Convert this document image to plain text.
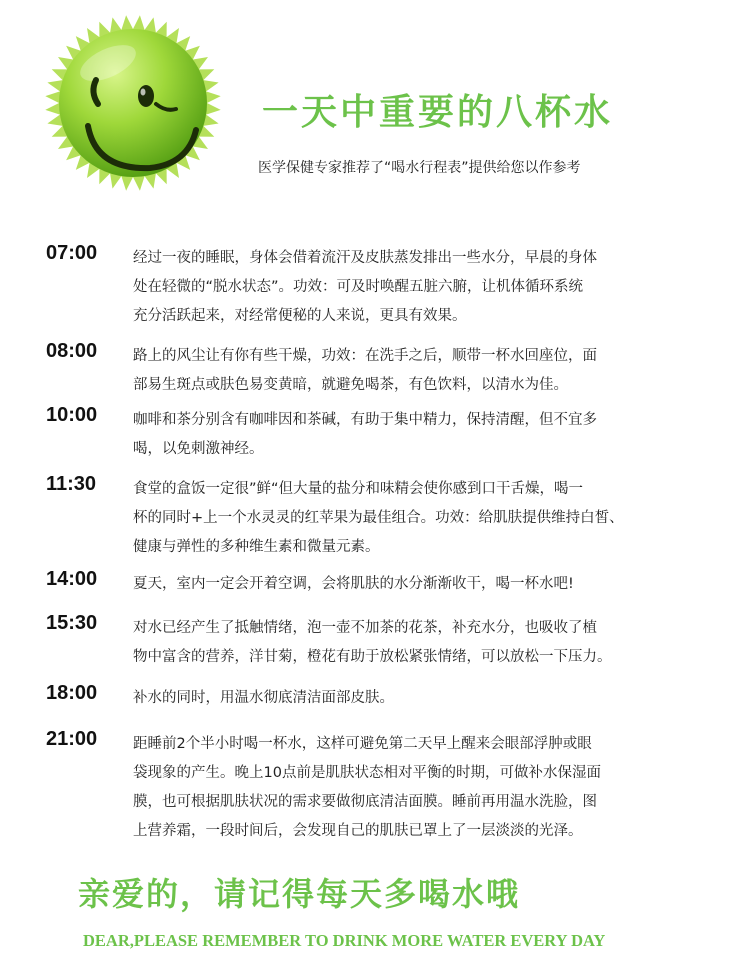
一天中重要的八杯水
医学保健专家推荐了“喝水行程表”提供给您以作参考
07:00 经过一夜的睡眠，身体会借着流汗及皮肤蒸发排出一些水分，早晨的身体
处在轻微的“脱水状态”。功效：可及时唤醒五脏六腑，让机体循环系统
充分活跃起来，对经常便秘的人来说，更具有效果。

08:00 路上的风尘让有你有些干燥，功效：在洗手之后，顺带一杯水回座位，面
部易生斑点或肤色易变黄暗，就避免喝茶，有色饮料，以清水为佳。

10:00 咖啡和茶分别含有咖啡因和茶碱，有助于集中精力，保持清醒，但不宜多
喝，以免刺激神经。

11:30	食堂的盒饭一定很”鲜“但大量的盐分和味精会使你感到口干舌燥，喝一
杯的同时+上一个水灵灵的红苹果为最佳组合。功效：给肌肤提供维持白皙、
健康与弹性的多种维生素和微量元素。

14:00 夏天，室内一定会开着空调，会将肌肤的水分渐渐收干，喝一杯水吧!

15:30 对水已经产生了抵触情绪，泡一壶不加茶的花茶，补充水分，也吸收了植
物中富含的营养，洋甘菊，橙花有助于放松紧张情绪，可以放松一下压力。

18:00 补水的同时，用温水彻底清洁面部皮肤。

21:00 距睡前2个半小时喝一杯水，这样可避免第二天早上醒来会眼部浮肿或眼
袋现象的产生。晚上10点前是肌肤状态相对平衡的时期，可做补水保湿面
膜，也可根据肌肤状况的需求要做彻底清洁面膜。睡前再用温水洗脸，图
上营养霜，一段时间后，会发现自己的肌肤已罩上了一层淡淡的光泽。

亲爱的，请记得每天多喝水哦
DEAR,PLEASE REMEMBER TO DRINK MORE WATER EVERY DAY
